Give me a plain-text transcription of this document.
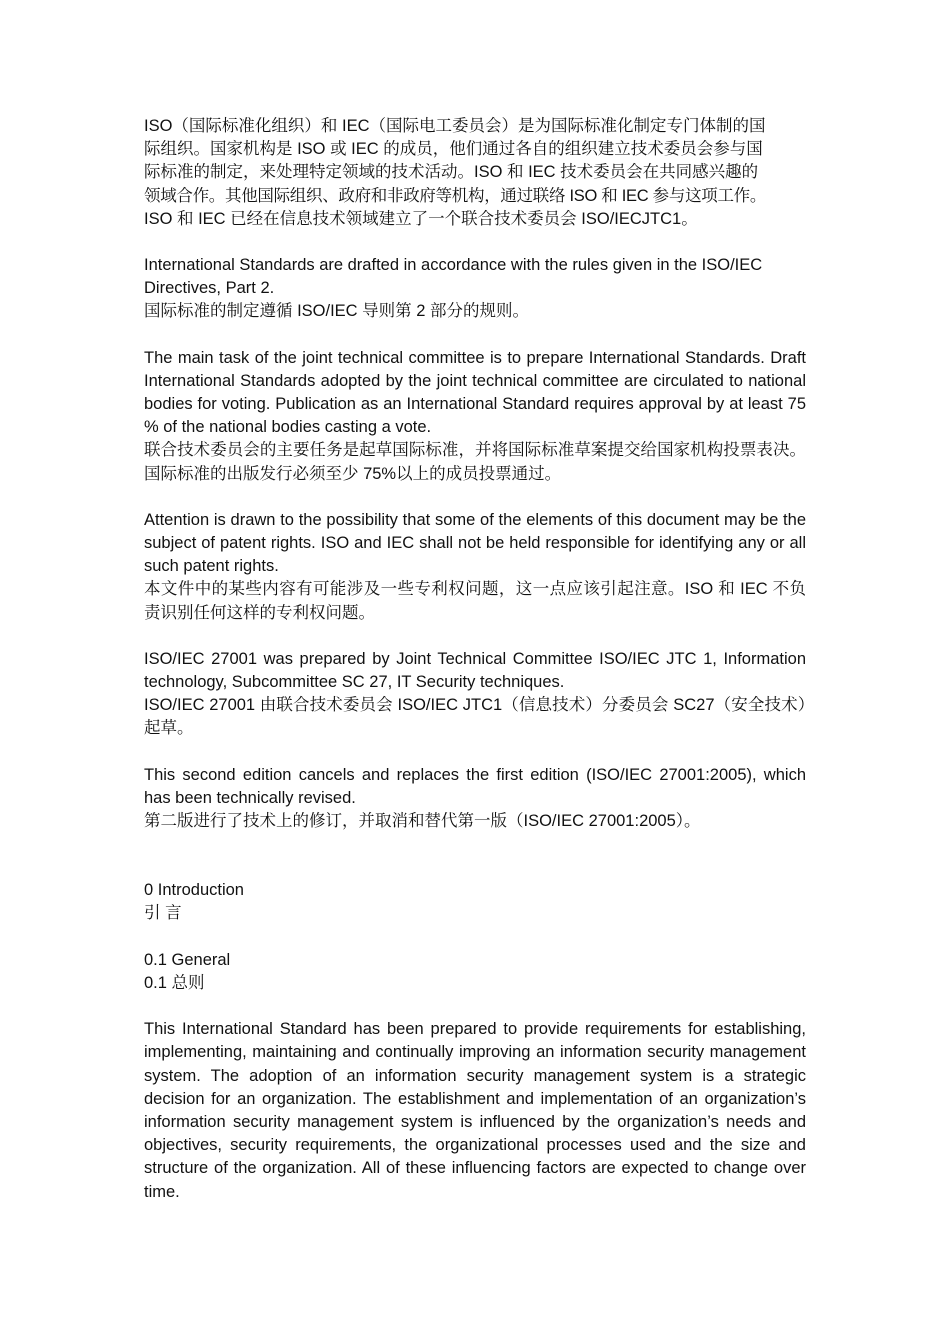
ISO（国际标准化组织）和 IEC（国际电工委员会）是为国际标准化制定专门体制的国
际组织。国家机构是 ISO 或 IEC 的成员，他们通过各自的组织建立技术委员会参与国
际标准的制定，来处理特定领域的技术活动。ISO 和 IEC 技术委员会在共同感兴趣的
领域合作。其他国际组织、政府和非政府等机构，通过联络 ISO 和 IEC 参与这项工作。
ISO 和 IEC 已经在信息技术领域建立了一个联合技术委员会 ISO/IECJTC1。

International Standards are drafted in accordance with the rules given in the ISO/IEC Directives, Part 2.

国际标准的制定遵循 ISO/IEC 导则第 2 部分的规则。

The main task of the joint technical committee is to prepare International Standards. Draft International Standards adopted by the joint technical committee are circulated to national bodies for voting. Publication as an International Standard requires approval by at least 75 % of the national bodies casting a vote.

联合技术委员会的主要任务是起草国际标准，并将国际标准草案提交给国家机构投票表决。国际标准的出版发行必须至少 75%以上的成员投票通过。

Attention is drawn to the possibility that some of the elements of this document may be the subject of patent rights. ISO and IEC shall not be held responsible for identifying any or all such patent rights.

本文件中的某些内容有可能涉及一些专利权问题，这一点应该引起注意。ISO 和 IEC 不负责识别任何这样的专利权问题。

ISO/IEC 27001 was prepared by Joint Technical Committee ISO/IEC JTC 1, Information technology, Subcommittee SC 27, IT Security techniques.

ISO/IEC 27001 由联合技术委员会 ISO/IEC JTC1（信息技术）分委员会 SC27（安全技术）起草。

This second edition cancels and replaces the first edition (ISO/IEC 27001:2005), which has been technically revised.

第二版进行了技术上的修订，并取消和替代第一版（ISO/IEC 27001:2005）。

0 Introduction

引 言

0.1 General

0.1 总则

This International Standard has been prepared to provide requirements for establishing, implementing, maintaining and continually improving an information security management system. The adoption of an information security management system is a strategic decision for an organization. The establishment and implementation of an organization’s information security management system is influenced by the organization’s needs and objectives, security requirements, the organizational processes used and the size and structure of the organization. All of these influencing factors are expected to change over time.
